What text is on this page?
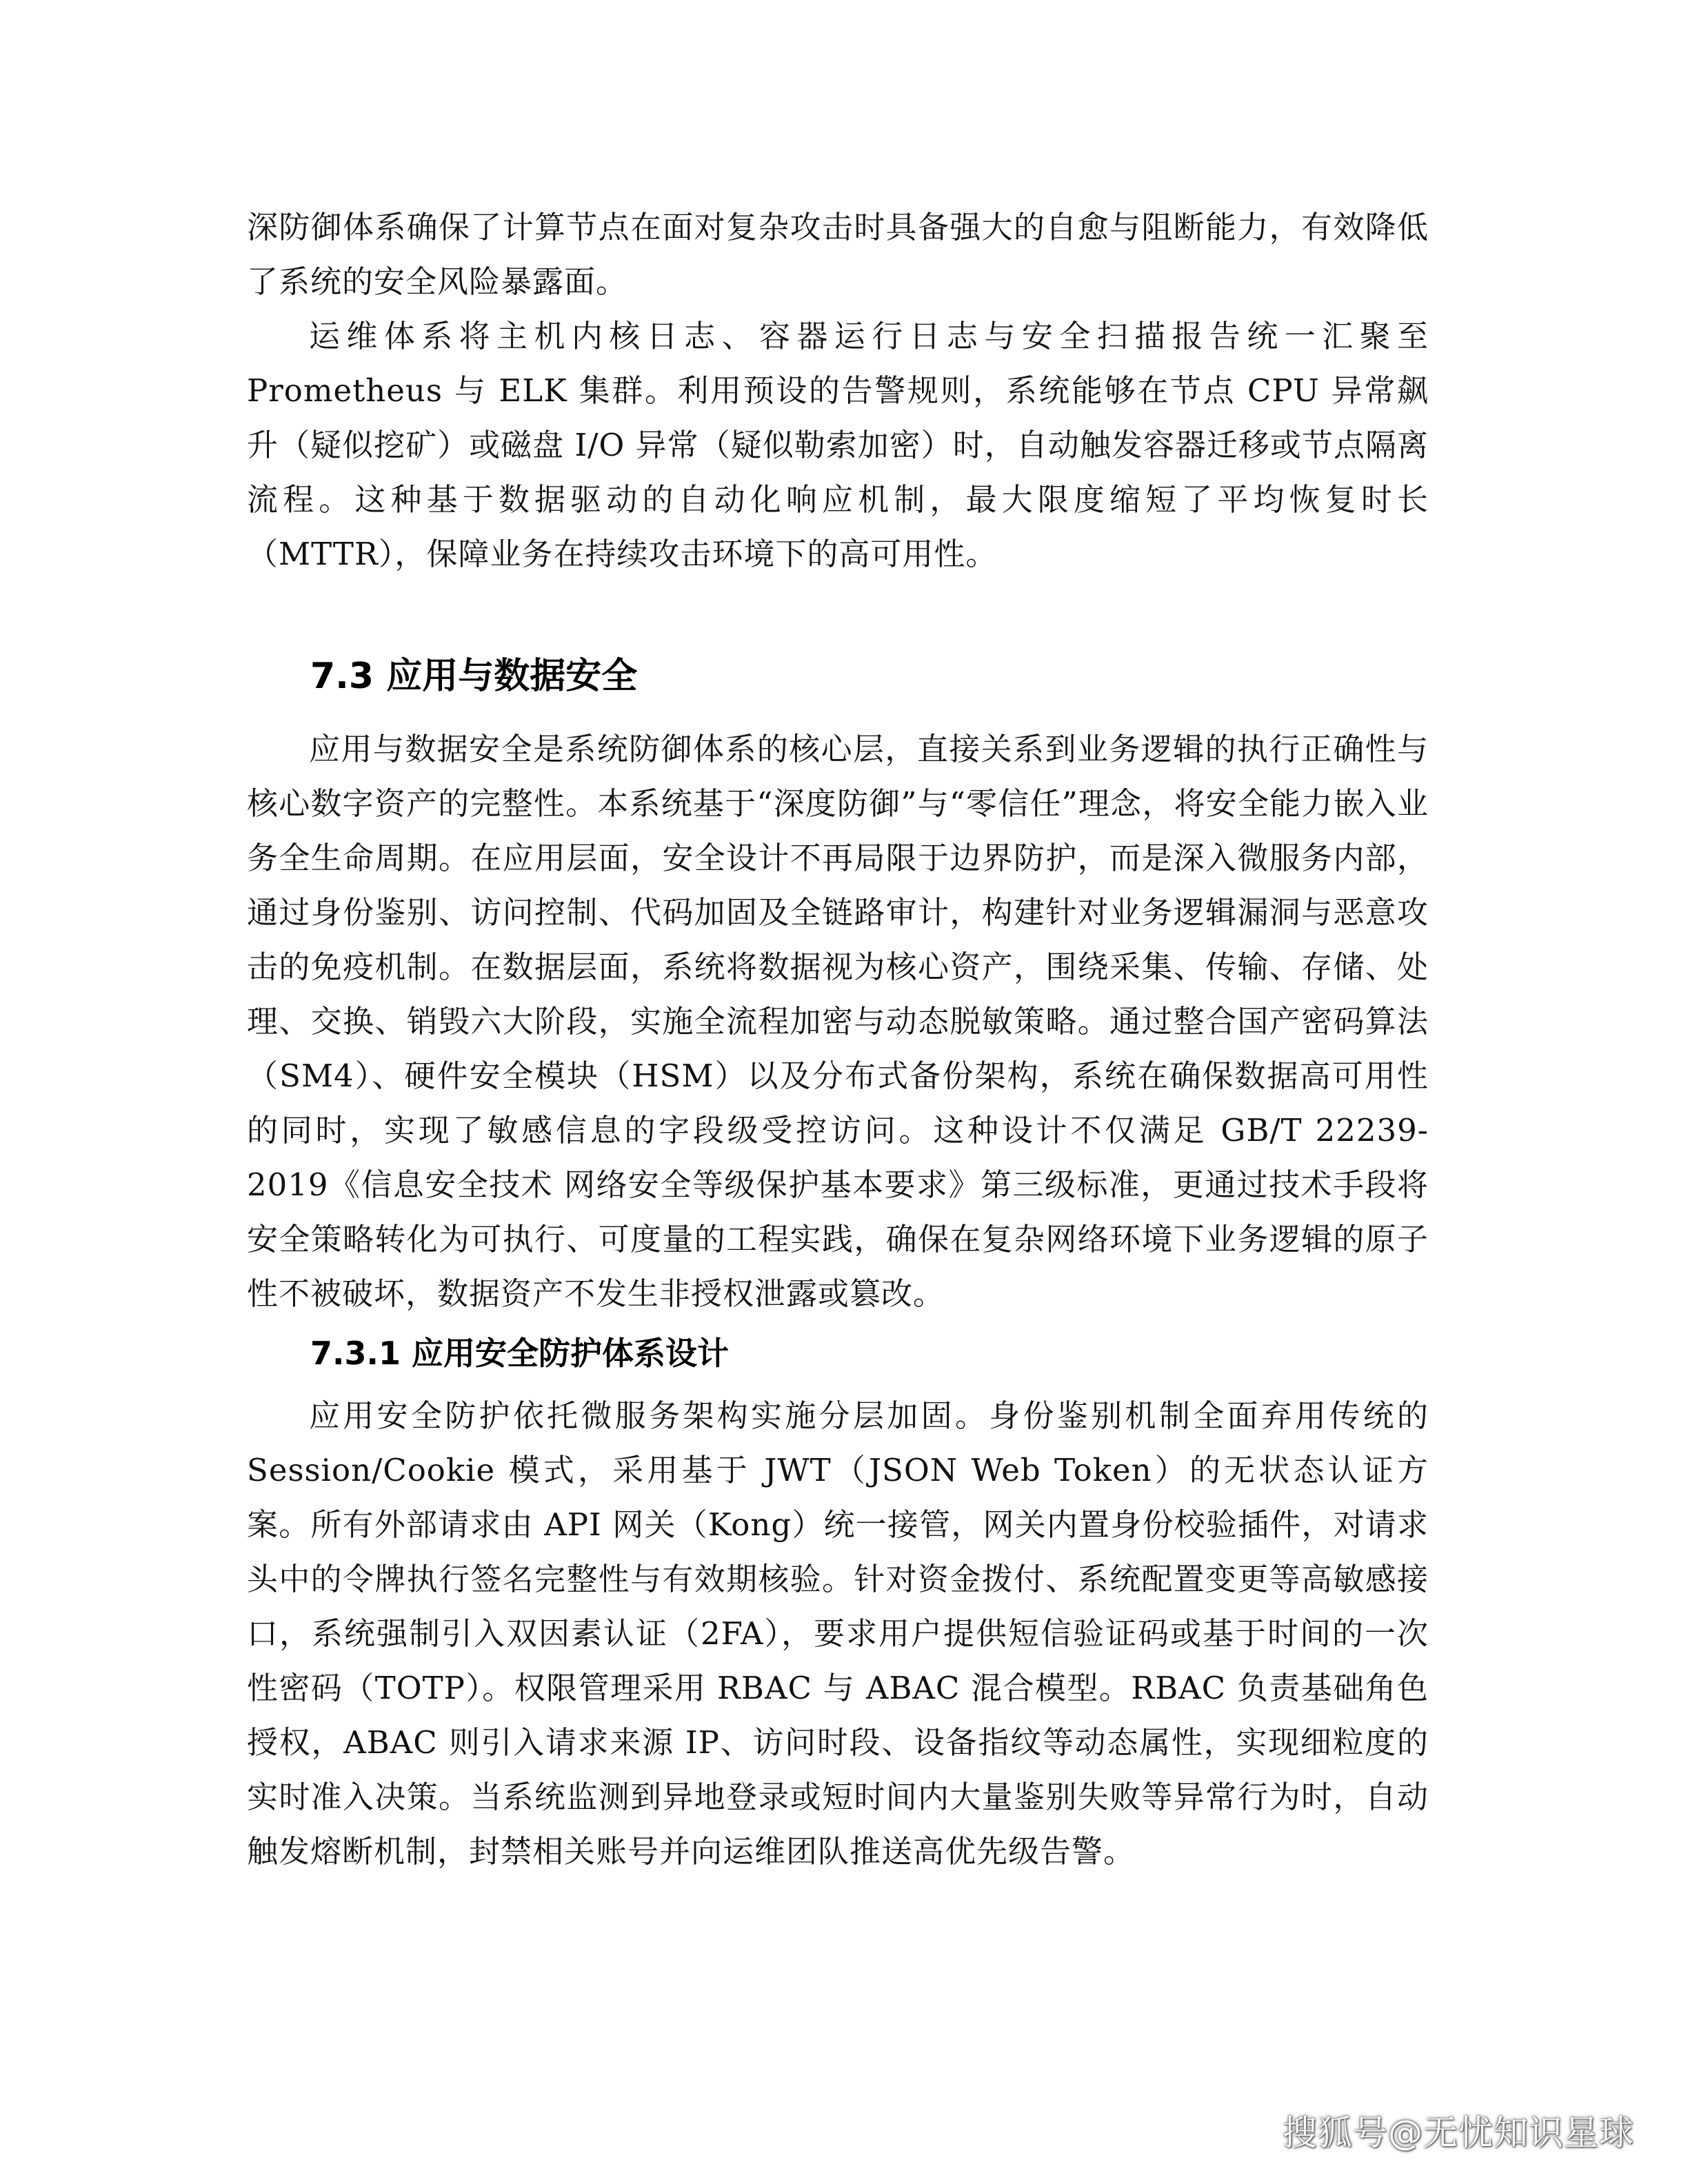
深防御体系确保了计算节点在面对复杂攻击时具备强大的自愈与阻断能力，有效降低了系统的安全风险暴露面。

运维体系将主机内核日志、容器运行日志与安全扫描报告统一汇聚至 Prometheus 与 ELK 集群。利用预设的告警规则，系统能够在节点 CPU 异常飙升（疑似挖矿）或磁盘 I/O 异常（疑似勒索加密）时，自动触发容器迁移或节点隔离流程。这种基于数据驱动的自动化响应机制，最大限度缩短了平均恢复时长（MTTR），保障业务在持续攻击环境下的高可用性。

7.3 应用与数据安全

应用与数据安全是系统防御体系的核心层，直接关系到业务逻辑的执行正确性与核心数字资产的完整性。本系统基于“深度防御”与“零信任”理念，将安全能力嵌入业务全生命周期。在应用层面，安全设计不再局限于边界防护，而是深入微服务内部，通过身份鉴别、访问控制、代码加固及全链路审计，构建针对业务逻辑漏洞与恶意攻击的免疫机制。在数据层面，系统将数据视为核心资产，围绕采集、传输、存储、处理、交换、销毁六大阶段，实施全流程加密与动态脱敏策略。通过整合国产密码算法（SM4）、硬件安全模块（HSM）以及分布式备份架构，系统在确保数据高可用性的同时，实现了敏感信息的字段级受控访问。这种设计不仅满足 GB/T 22239-2019《信息安全技术 网络安全等级保护基本要求》第三级标准，更通过技术手段将安全策略转化为可执行、可度量的工程实践，确保在复杂网络环境下业务逻辑的原子性不被破坏，数据资产不发生非授权泄露或篡改。

7.3.1 应用安全防护体系设计

应用安全防护依托微服务架构实施分层加固。身份鉴别机制全面弃用传统的 Session/Cookie 模式，采用基于 JWT（JSON Web Token）的无状态认证方案。所有外部请求由 API 网关（Kong）统一接管，网关内置身份校验插件，对请求头中的令牌执行签名完整性与有效期核验。针对资金拨付、系统配置变更等高敏感接口，系统强制引入双因素认证（2FA），要求用户提供短信验证码或基于时间的一次性密码（TOTP）。权限管理采用 RBAC 与 ABAC 混合模型。RBAC 负责基础角色授权，ABAC 则引入请求来源 IP、访问时段、设备指纹等动态属性，实现细粒度的实时准入决策。当系统监测到异地登录或短时间内大量鉴别失败等异常行为时，自动触发熔断机制，封禁相关账号并向运维团队推送高优先级告警。

搜狐号@无忧知识星球
